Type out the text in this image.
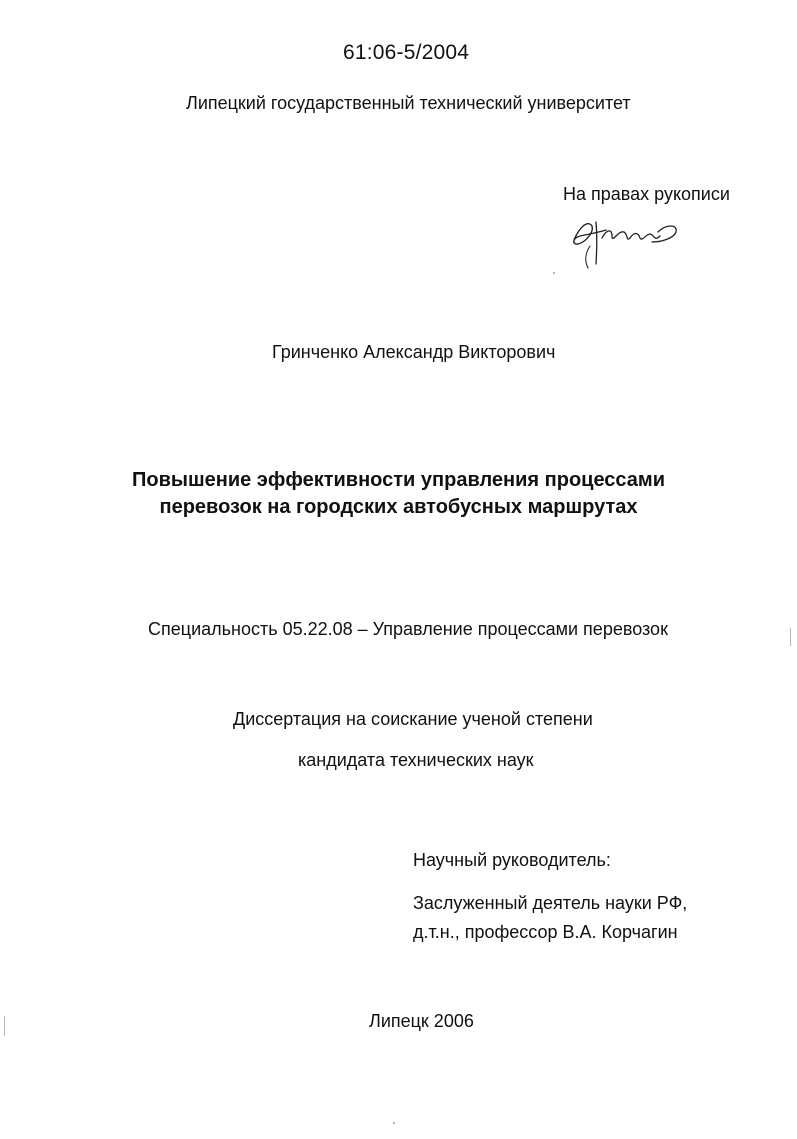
61:06-5/2004
Липецкий государственный технический университет
На правах рукописи
Гринченко Александр Викторович
Повышение эффективности управления процессами
перевозок на городских автобусных маршрутах
Специальность 05.22.08 – Управление процессами перевозок
Диссертация на соискание ученой степени
кандидата технических наук
Научный руководитель:
Заслуженный деятель науки РФ,
д.т.н., профессор В.А. Корчагин
Липецк 2006
